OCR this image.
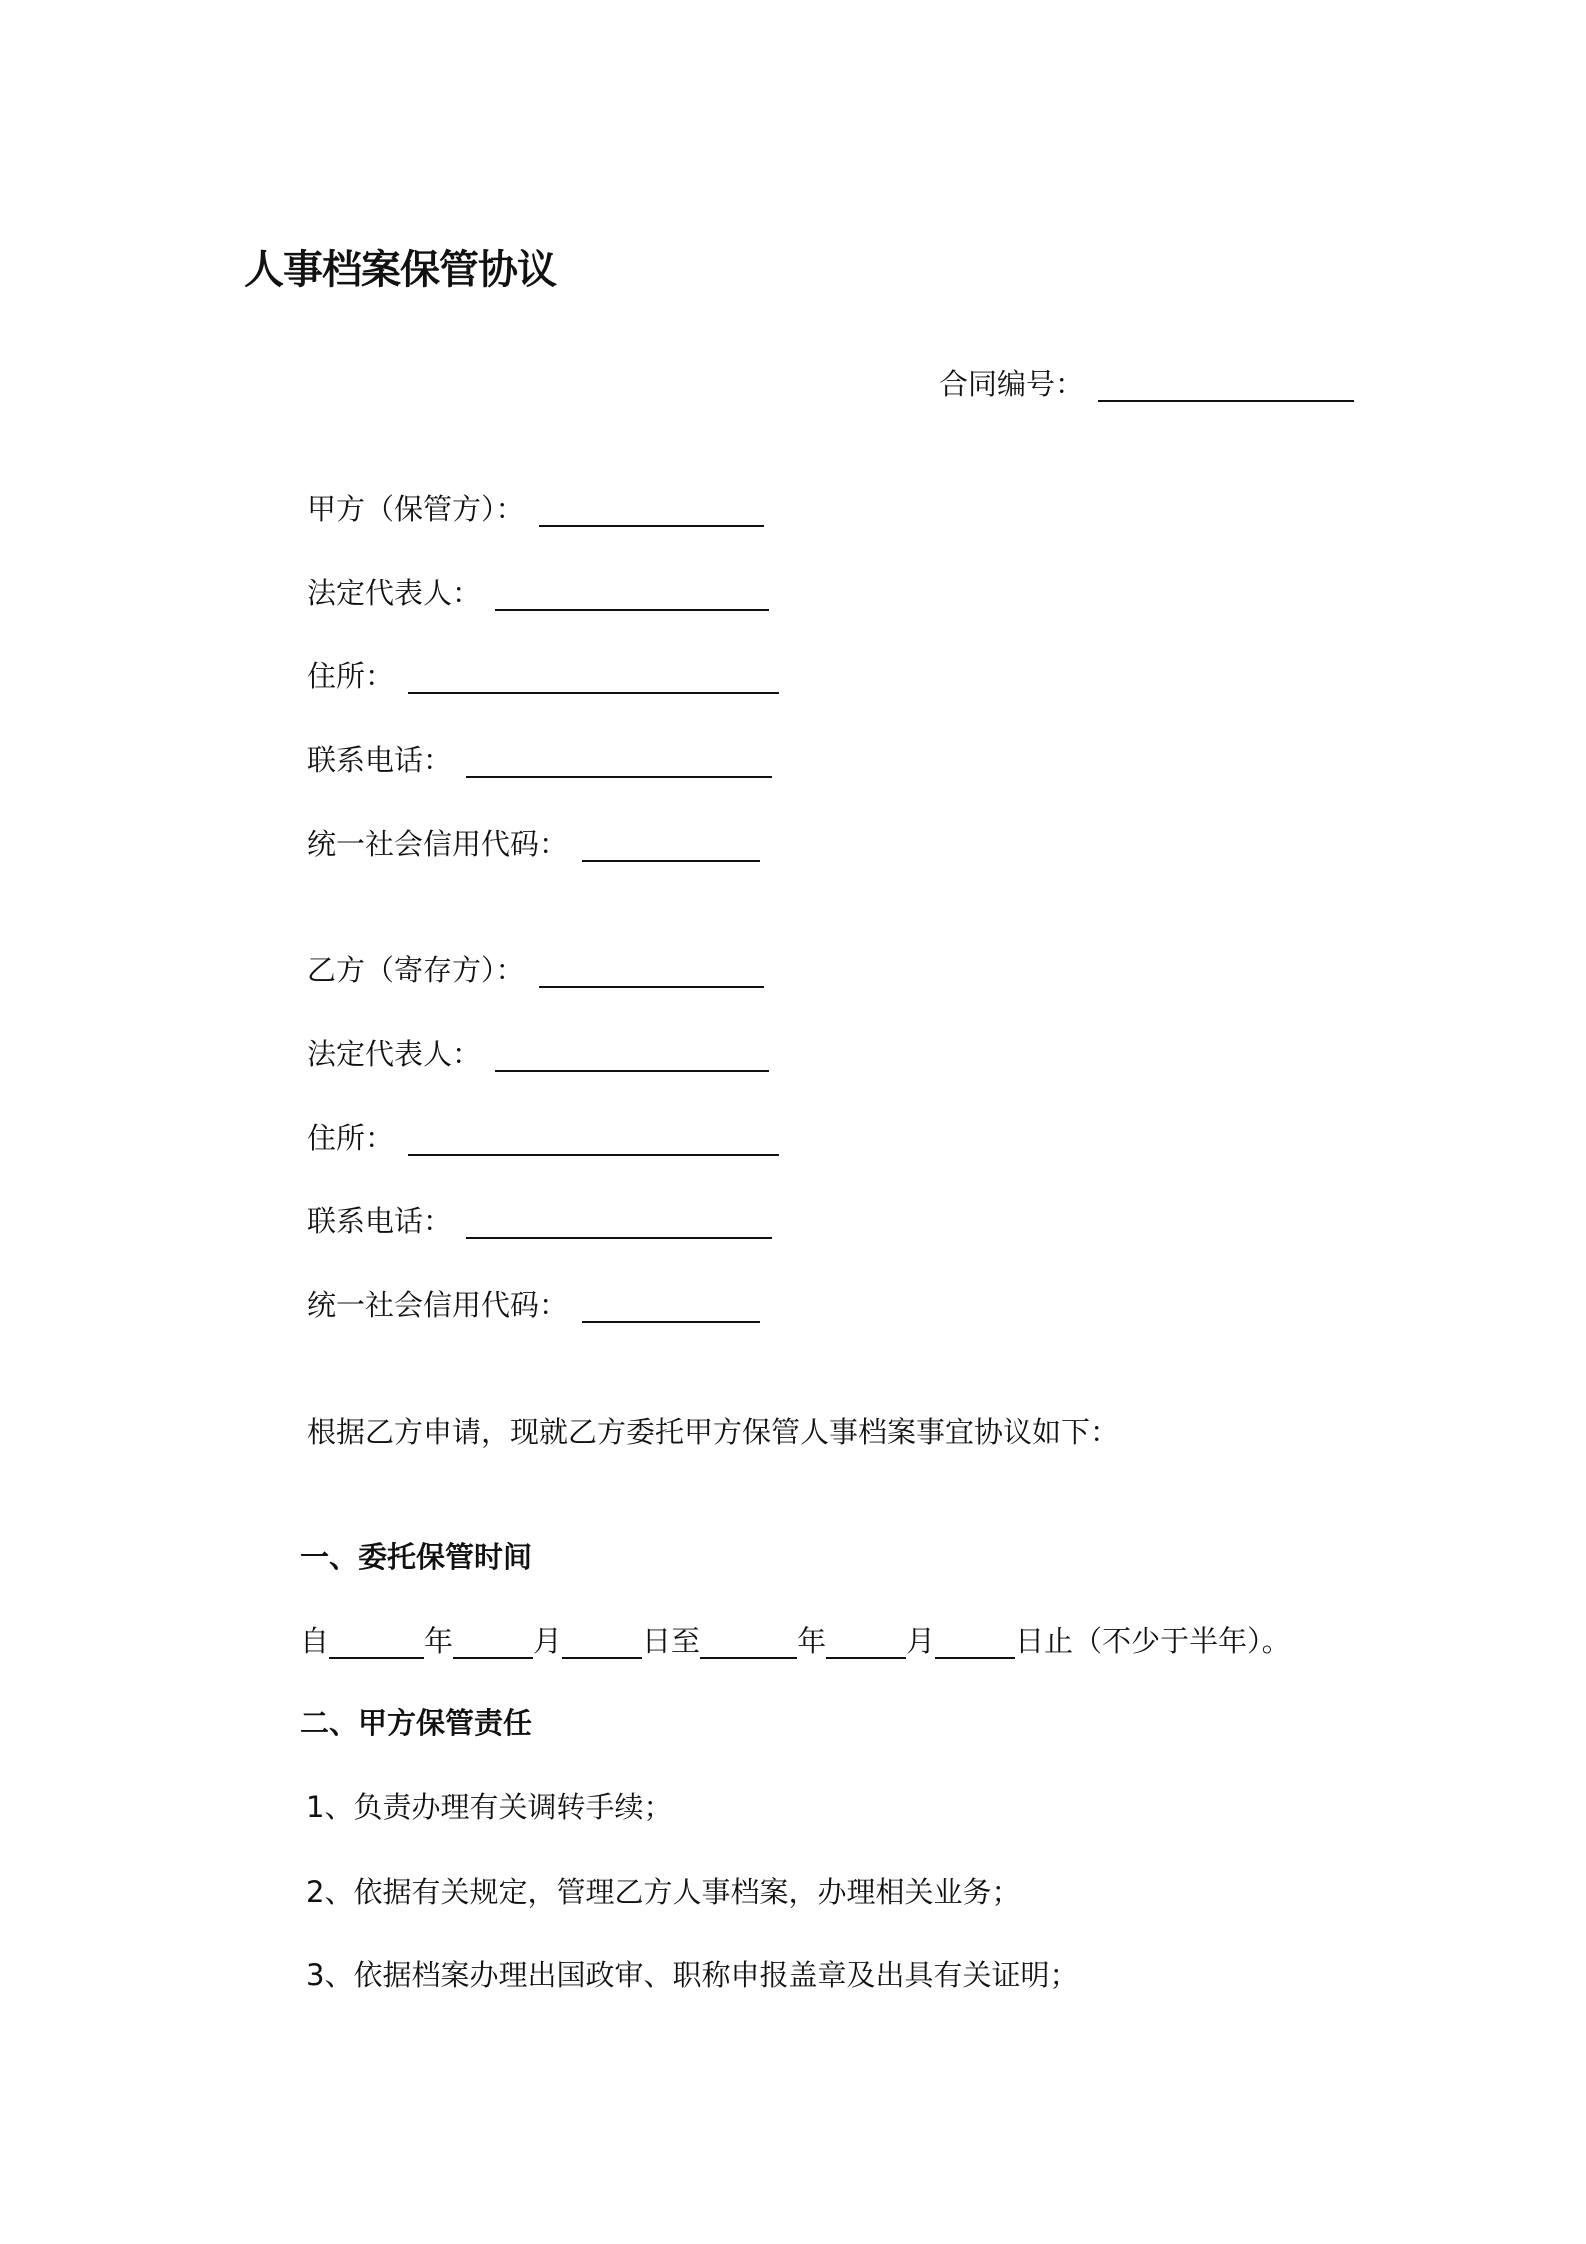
人事档案保管协议
合同编号：
甲方（保管方）：
法定代表人：
住所：
联系电话：
统一社会信用代码：
乙方（寄存方）：
法定代表人：
住所：
联系电话：
统一社会信用代码：
根据乙方申请，现就乙方委托甲方保管人事档案事宜协议如下：
一、委托保管时间
自	年	月	日至	年	月	日止（不少于半年）。
二、甲方保管责任
1、负责办理有关调转手续；
2、依据有关规定，管理乙方人事档案，办理相关业务；
3、依据档案办理出国政审、职称申报盖章及出具有关证明；
